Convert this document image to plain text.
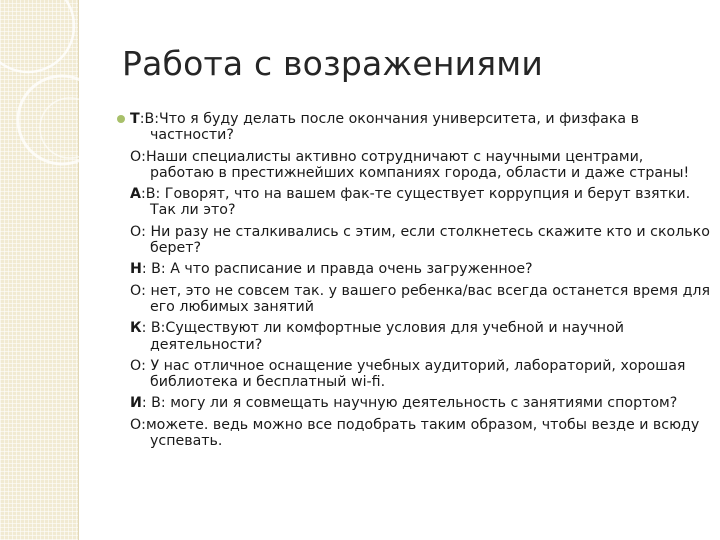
Работа с возражениями

Т:В:Что я буду делать после окончания университета, и физфака в частности?

О:Наши специалисты активно сотрудничают с научными центрами, работаю в престижнейших компаниях города, области и даже страны!

А:В: Говорят, что на вашем фак-те существует коррупция и берут взятки. Так ли это?

О: Ни разу не сталкивались с этим, если столкнетесь скажите кто и сколько берет?

Н: В: А что расписание и правда очень загруженное?

О: нет, это не совсем так. у вашего ребенка/вас всегда останется время для его любимых занятий

К: В:Существуют ли комфортные условия для учебной и научной деятельности?

О: У нас отличное оснащение учебных аудиторий, лабораторий, хорошая библиотека и бесплатный wi-fi.

И: В: могу ли я совмещать научную деятельность с занятиями спортом?

О:можете. ведь можно все подобрать таким образом, чтобы везде и всюду успевать.
